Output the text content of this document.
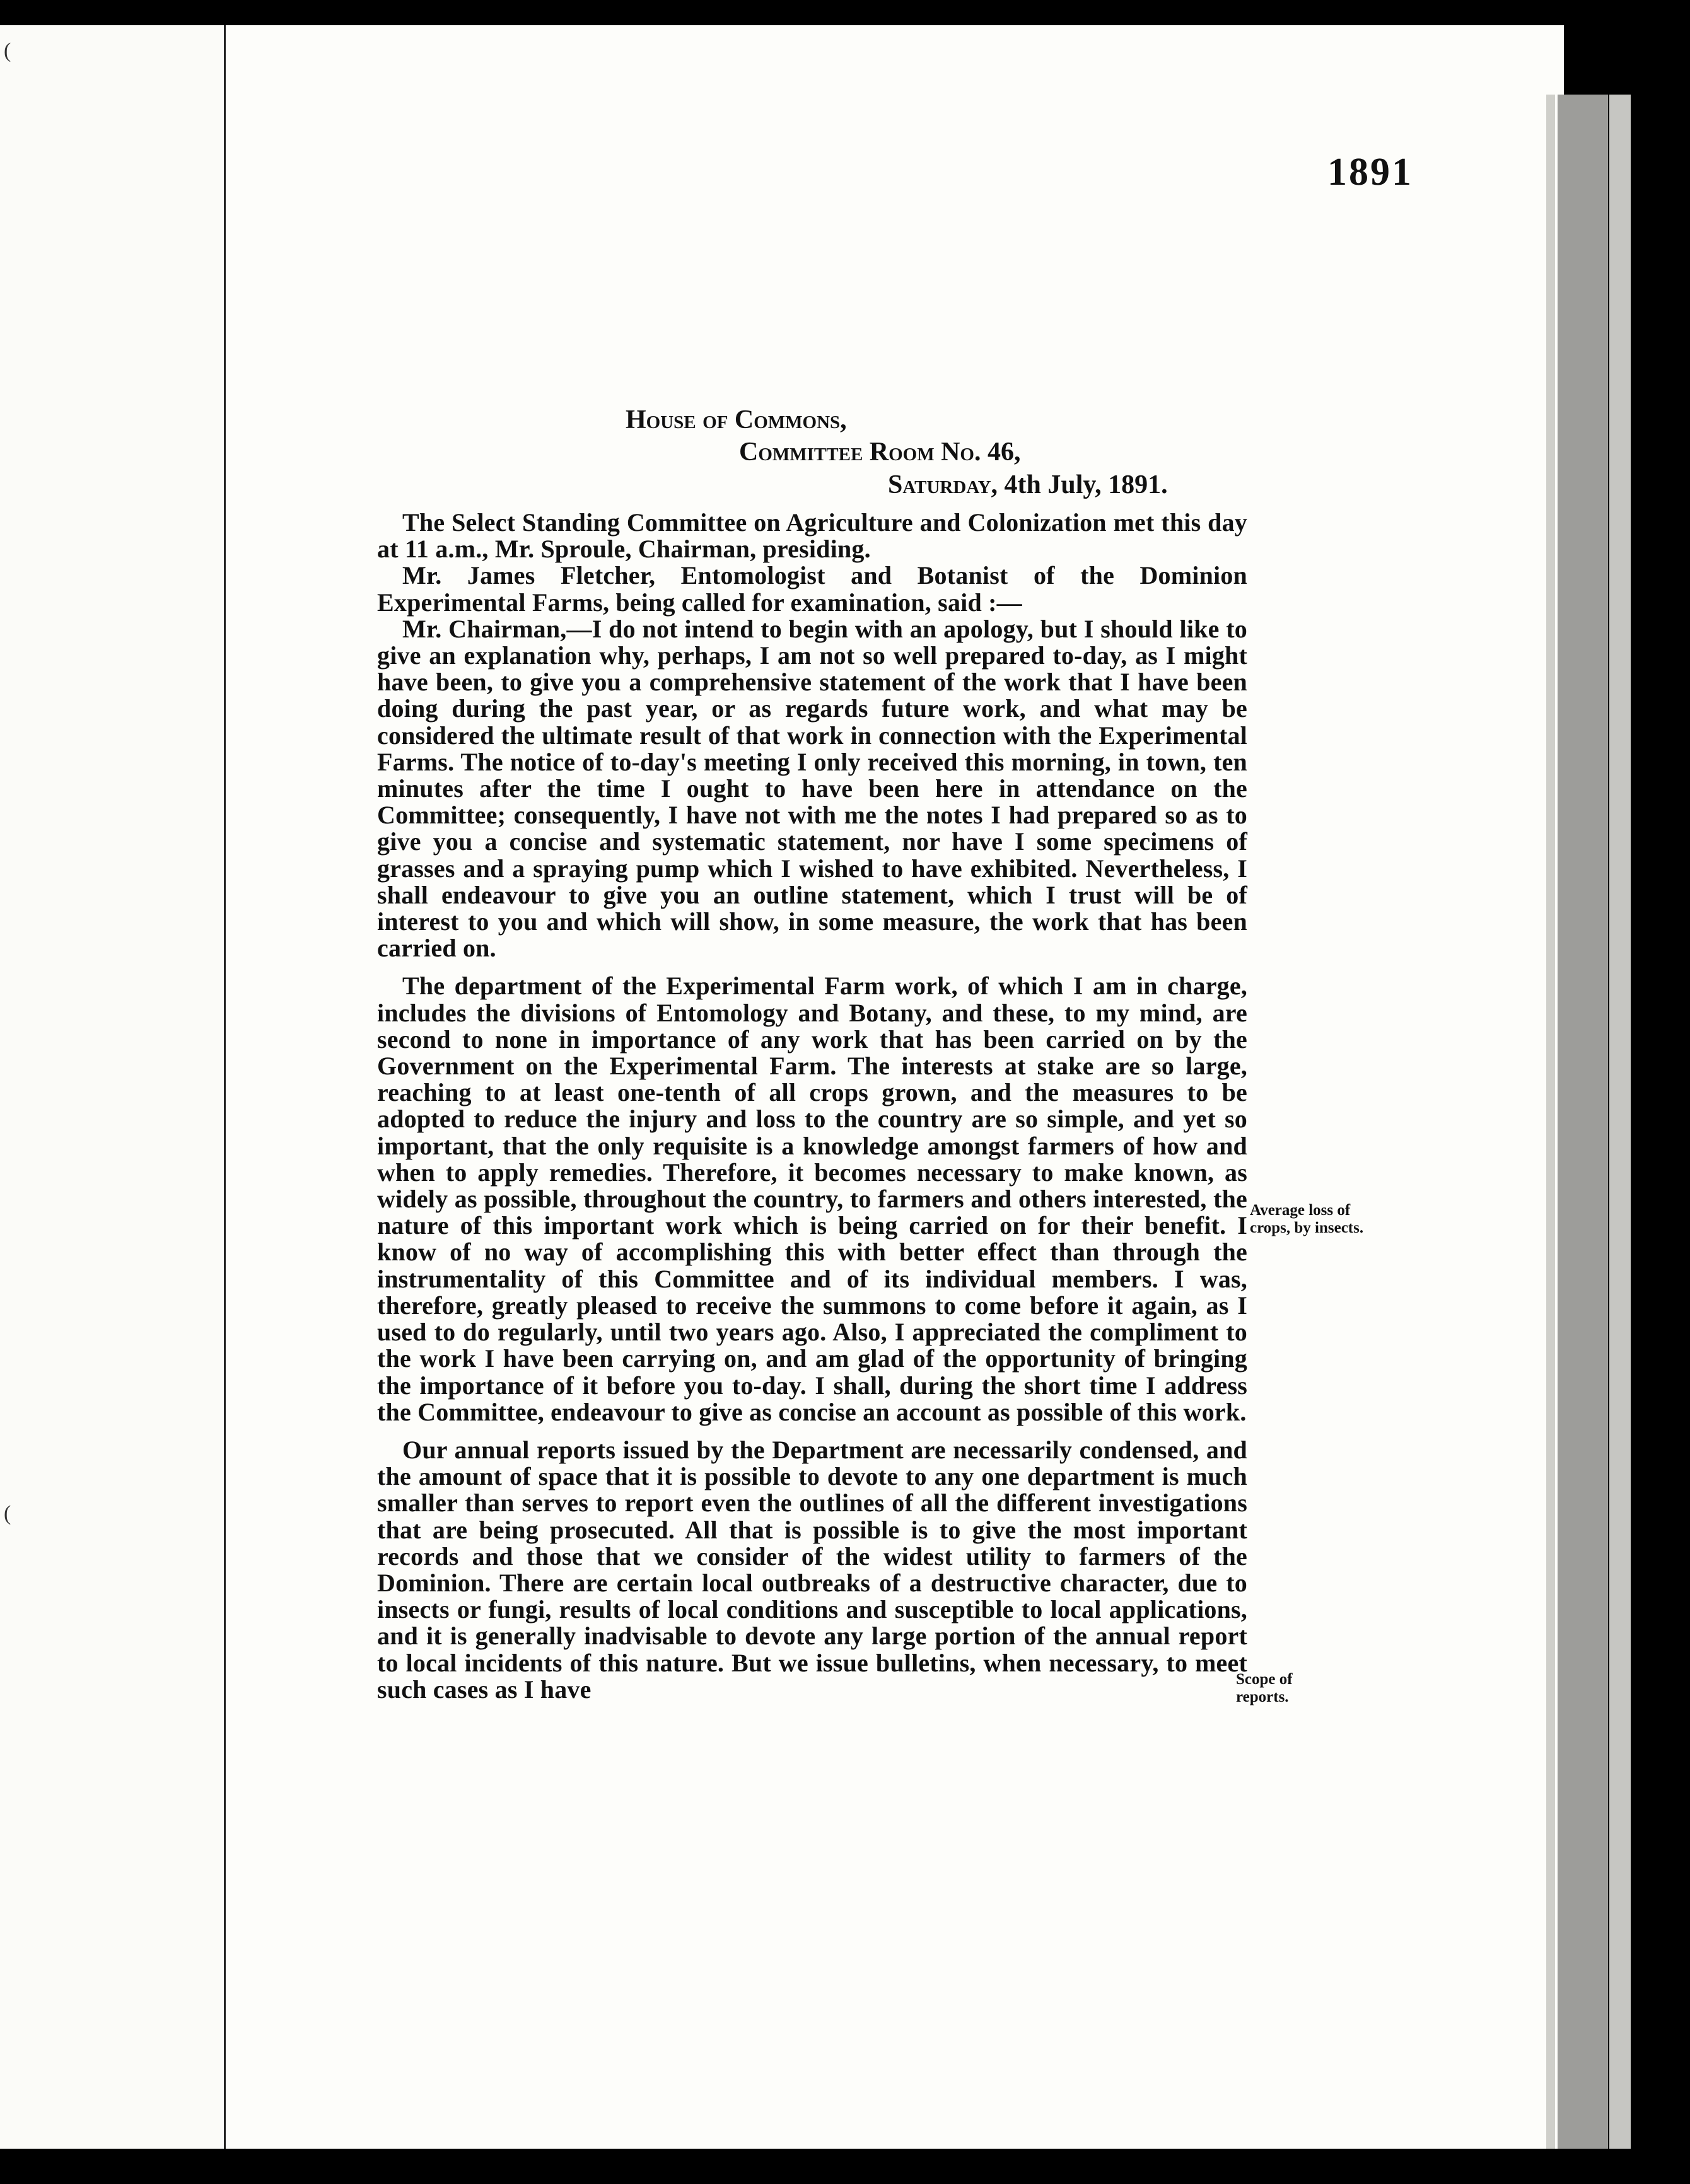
(
(
1891
House of Commons,
Committee Room No. 46,
Saturday, 4th July, 1891.

The Select Standing Committee on Agriculture and Colonization met this day at 11 a.m., Mr. Sproule, Chairman, presiding.

Mr. James Fletcher, Entomologist and Botanist of the Dominion Experimental Farms, being called for examination, said :—

Mr. Chairman,—I do not intend to begin with an apology, but I should like to give an explanation why, perhaps, I am not so well prepared to-day, as I might have been, to give you a comprehensive statement of the work that I have been doing during the past year, or as regards future work, and what may be considered the ultimate result of that work in connection with the Experimental Farms. The notice of to-day's meeting I only received this morning, in town, ten minutes after the time I ought to have been here in attendance on the Committee; consequently, I have not with me the notes I had prepared so as to give you a concise and systematic statement, nor have I some specimens of grasses and a spraying pump which I wished to have exhibited. Nevertheless, I shall endeavour to give you an outline statement, which I trust will be of interest to you and which will show, in some measure, the work that has been carried on.

The department of the Experimental Farm work, of which I am in charge, includes the divisions of Entomology and Botany, and these, to my mind, are second to none in importance of any work that has been carried on by the Government on the Experimental Farm. The interests at stake are so large, reaching to at least one-tenth of all crops grown, and the measures to be adopted to reduce the injury and loss to the country are so simple, and yet so important, that the only requisite is a knowledge amongst farmers of how and when to apply remedies. Therefore, it becomes necessary to make known, as widely as possible, throughout the country, to farmers and others interested, the nature of this important work which is being carried on for their benefit. I know of no way of accomplishing this with better effect than through the instrumentality of this Committee and of its individual members. I was, therefore, greatly pleased to receive the summons to come before it again, as I used to do regularly, until two years ago. Also, I appreciated the compliment to the work I have been carrying on, and am glad of the opportunity of bringing the importance of it before you to-day. I shall, during the short time I address the Committee, endeavour to give as concise an account as possible of this work.

Our annual reports issued by the Department are necessarily condensed, and the amount of space that it is possible to devote to any one department is much smaller than serves to report even the outlines of all the different investigations that are being prosecuted. All that is possible is to give the most important records and those that we consider of the widest utility to farmers of the Dominion. There are certain local outbreaks of a destructive character, due to insects or fungi, results of local conditions and susceptible to local applications, and it is generally inadvisable to devote any large portion of the annual report to local incidents of this nature. But we issue bulletins, when necessary, to meet such cases as I have

Average loss of crops, by insects.
Scope of reports.
